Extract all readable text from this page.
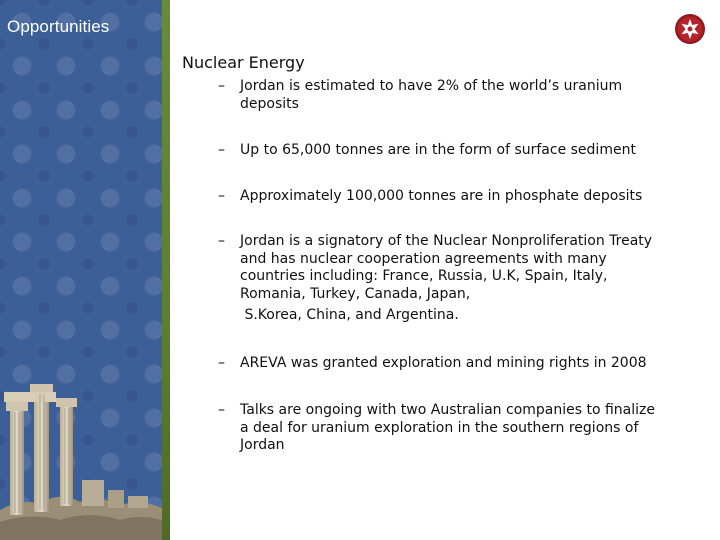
Opportunities
Nuclear Energy
– Jordan is estimated to have 2% of the world’s uranium
deposits
– Up to 65,000 tonnes are in the form of surface sediment
– Approximately 100,000 tonnes are in phosphate deposits
– Jordan is a signatory of the Nuclear Nonproliferation Treaty
and has nuclear cooperation agreements with many
countries including: France, Russia, U.K, Spain, Italy,
Romania, Turkey, Canada, Japan,
S.Korea, China, and Argentina.
– AREVA was granted exploration and mining rights in 2008
– Talks are ongoing with two Australian companies to finalize
a deal for uranium exploration in the southern regions of
Jordan
